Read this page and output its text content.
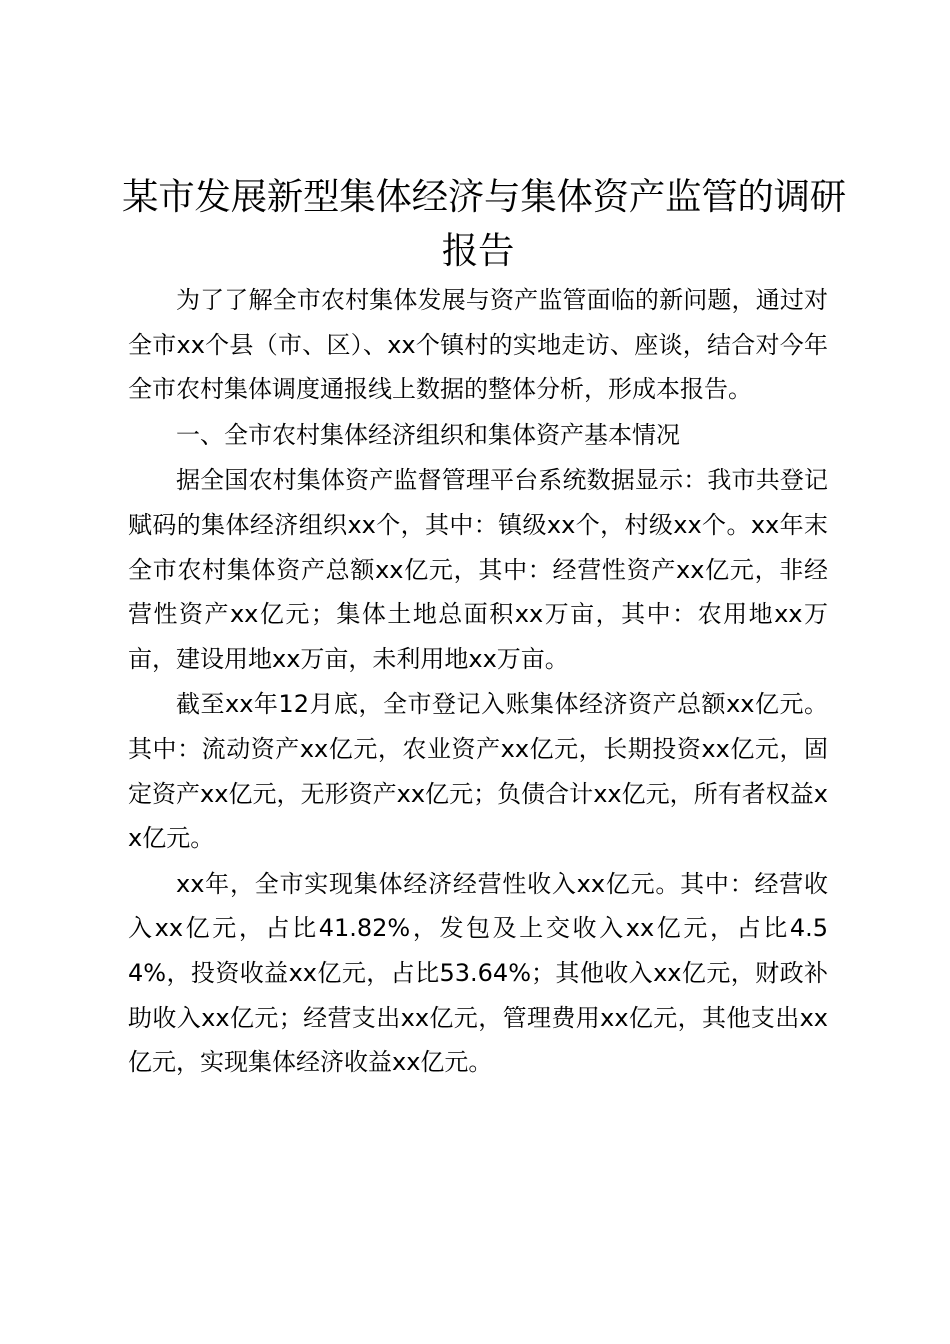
某市发展新型集体经济与集体资产监管的调研
报告

为了了解全市农村集体发展与资产监管面临的新问题，通过对全市xx个县（市、区）、xx个镇村的实地走访、座谈，结合对今年全市农村集体调度通报线上数据的整体分析，形成本报告。

一、全市农村集体经济组织和集体资产基本情况

据全国农村集体资产监督管理平台系统数据显示：我市共登记赋码的集体经济组织xx个，其中：镇级xx个，村级xx个。xx年末全市农村集体资产总额xx亿元，其中：经营性资产xx亿元，非经营性资产xx亿元；集体土地总面积xx万亩，其中：农用地xx万亩，建设用地xx万亩，未利用地xx万亩。

截至xx年12月底，全市登记入账集体经济资产总额xx亿元。其中：流动资产xx亿元，农业资产xx亿元，长期投资xx亿元，固定资产xx亿元，无形资产xx亿元；负债合计xx亿元，所有者权益xx亿元。

xx年，全市实现集体经济经营性收入xx亿元。其中：经营收入xx亿元，占比41.82%，发包及上交收入xx亿元，占比4.54%，投资收益xx亿元，占比53.64%；其他收入xx亿元，财政补助收入xx亿元；经营支出xx亿元，管理费用xx亿元，其他支出xx亿元，实现集体经济收益xx亿元。
